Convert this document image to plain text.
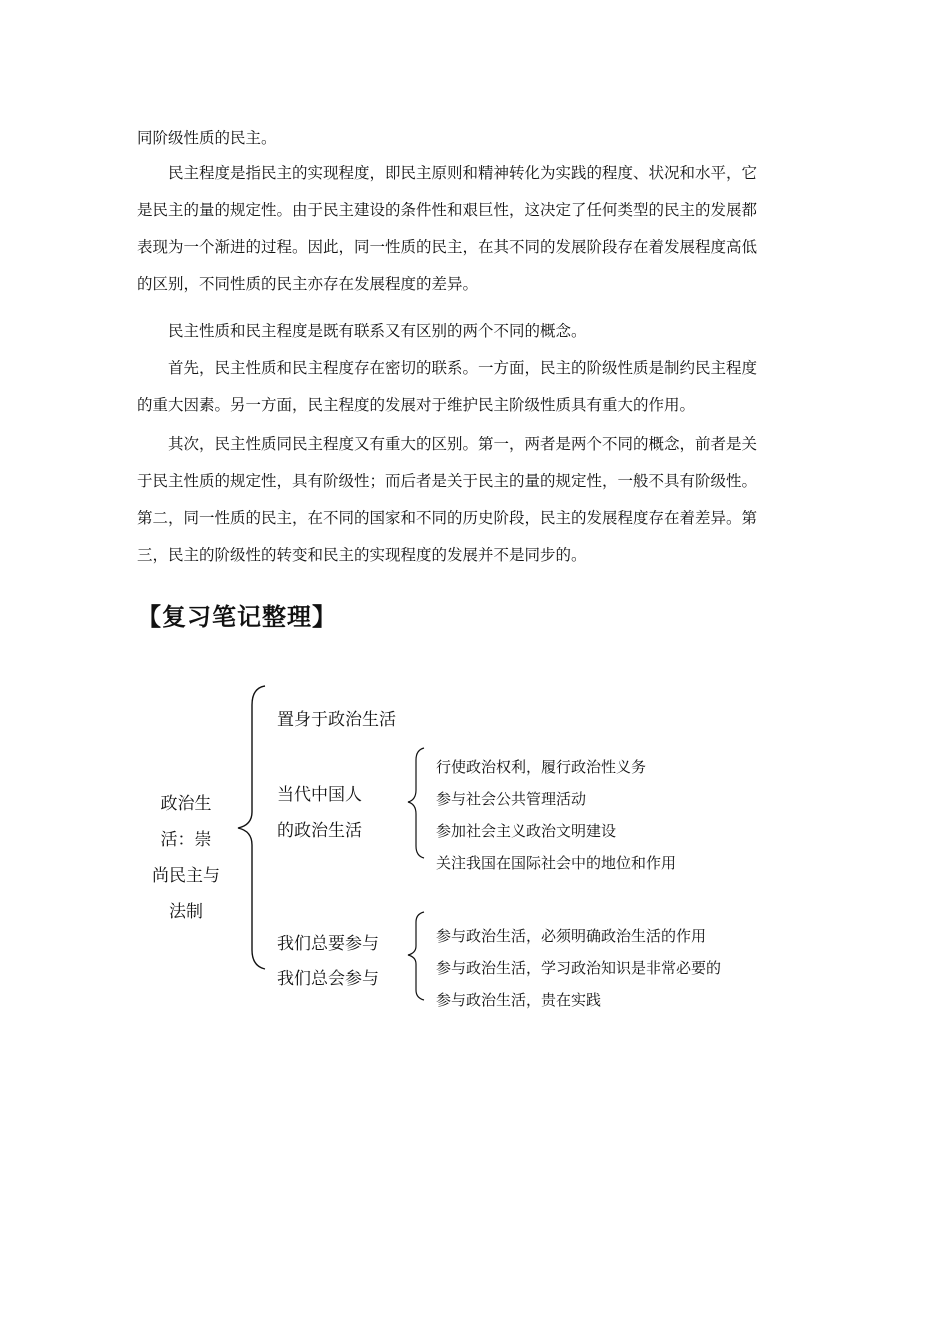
同阶级性质的民主。
　　民主程度是指民主的实现程度，即民主原则和精神转化为实践的程度、状况和水平，它
是民主的量的规定性。由于民主建设的条件性和艰巨性，这决定了任何类型的民主的发展都
表现为一个渐进的过程。因此，同一性质的民主，在其不同的发展阶段存在着发展程度高低
的区别，不同性质的民主亦存在发展程度的差异。
　　民主性质和民主程度是既有联系又有区别的两个不同的概念。
　　首先，民主性质和民主程度存在密切的联系。一方面，民主的阶级性质是制约民主程度
的重大因素。另一方面，民主程度的发展对于维护民主阶级性质具有重大的作用。
　　其次，民主性质同民主程度又有重大的区别。第一，两者是两个不同的概念，前者是关
于民主性质的规定性，具有阶级性；而后者是关于民主的量的规定性，一般不具有阶级性。
第二，同一性质的民主，在不同的国家和不同的历史阶段，民主的发展程度存在着差异。第
三，民主的阶级性的转变和民主的实现程度的发展并不是同步的。
【复习笔记整理】
政治生
活：崇
尚民主与
法制
置身于政治生活
当代中国人
的政治生活
行使政治权利，履行政治性义务
参与社会公共管理活动
参加社会主义政治文明建设
关注我国在国际社会中的地位和作用
我们总要参与
我们总会参与
参与政治生活，必须明确政治生活的作用
参与政治生活，学习政治知识是非常必要的
参与政治生活，贵在实践
